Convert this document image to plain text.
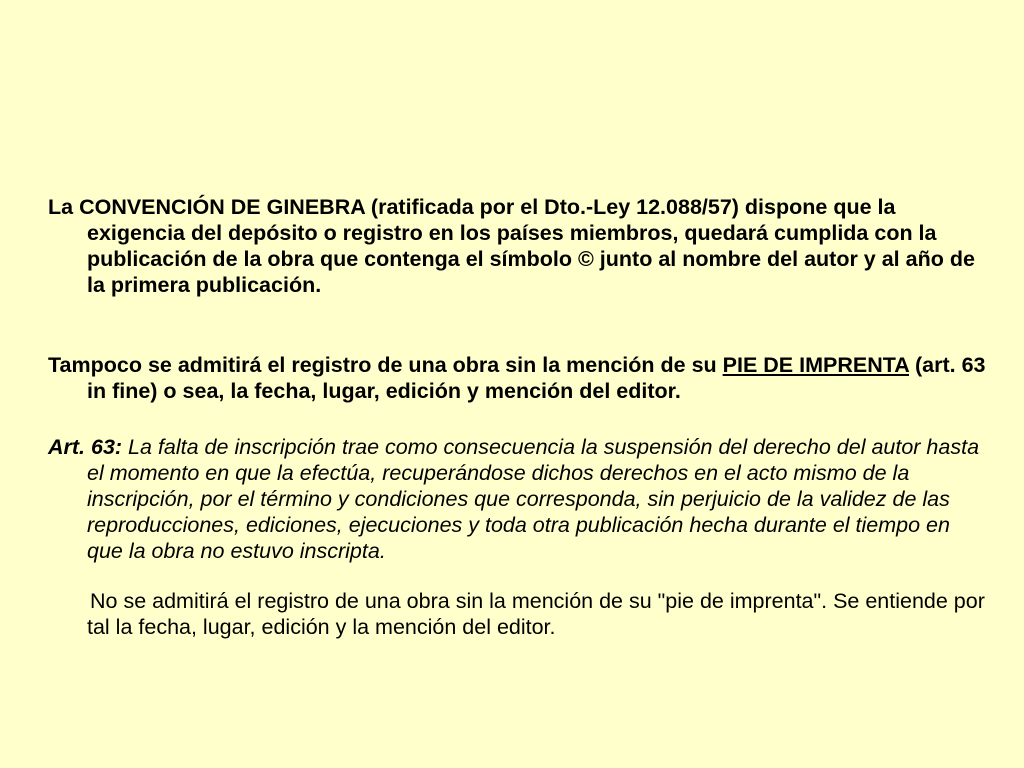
La CONVENCIÓN DE GINEBRA (ratificada por el Dto.-Ley 12.088/57) dispone que la exigencia del depósito o registro en los países miembros, quedará cumplida con la publicación de la obra que contenga el símbolo © junto al nombre del autor y al año de la primera publicación.

Tampoco se admitirá el registro de una obra sin la mención de su PIE DE IMPRENTA (art. 63 in fine) o sea, la fecha, lugar, edición y mención del editor.

Art. 63: La falta de inscripción trae como consecuencia la suspensión del derecho del autor hasta el momento en que la efectúa, recuperándose dichos derechos en el acto mismo de la inscripción, por el término y condiciones que corresponda, sin perjuicio de la validez de las reproducciones, ediciones, ejecuciones y toda otra publicación hecha durante el tiempo en que la obra no estuvo inscripta.

No se admitirá el registro de una obra sin la mención de su "pie de imprenta". Se entiende por tal la fecha, lugar, edición y la mención del editor.
